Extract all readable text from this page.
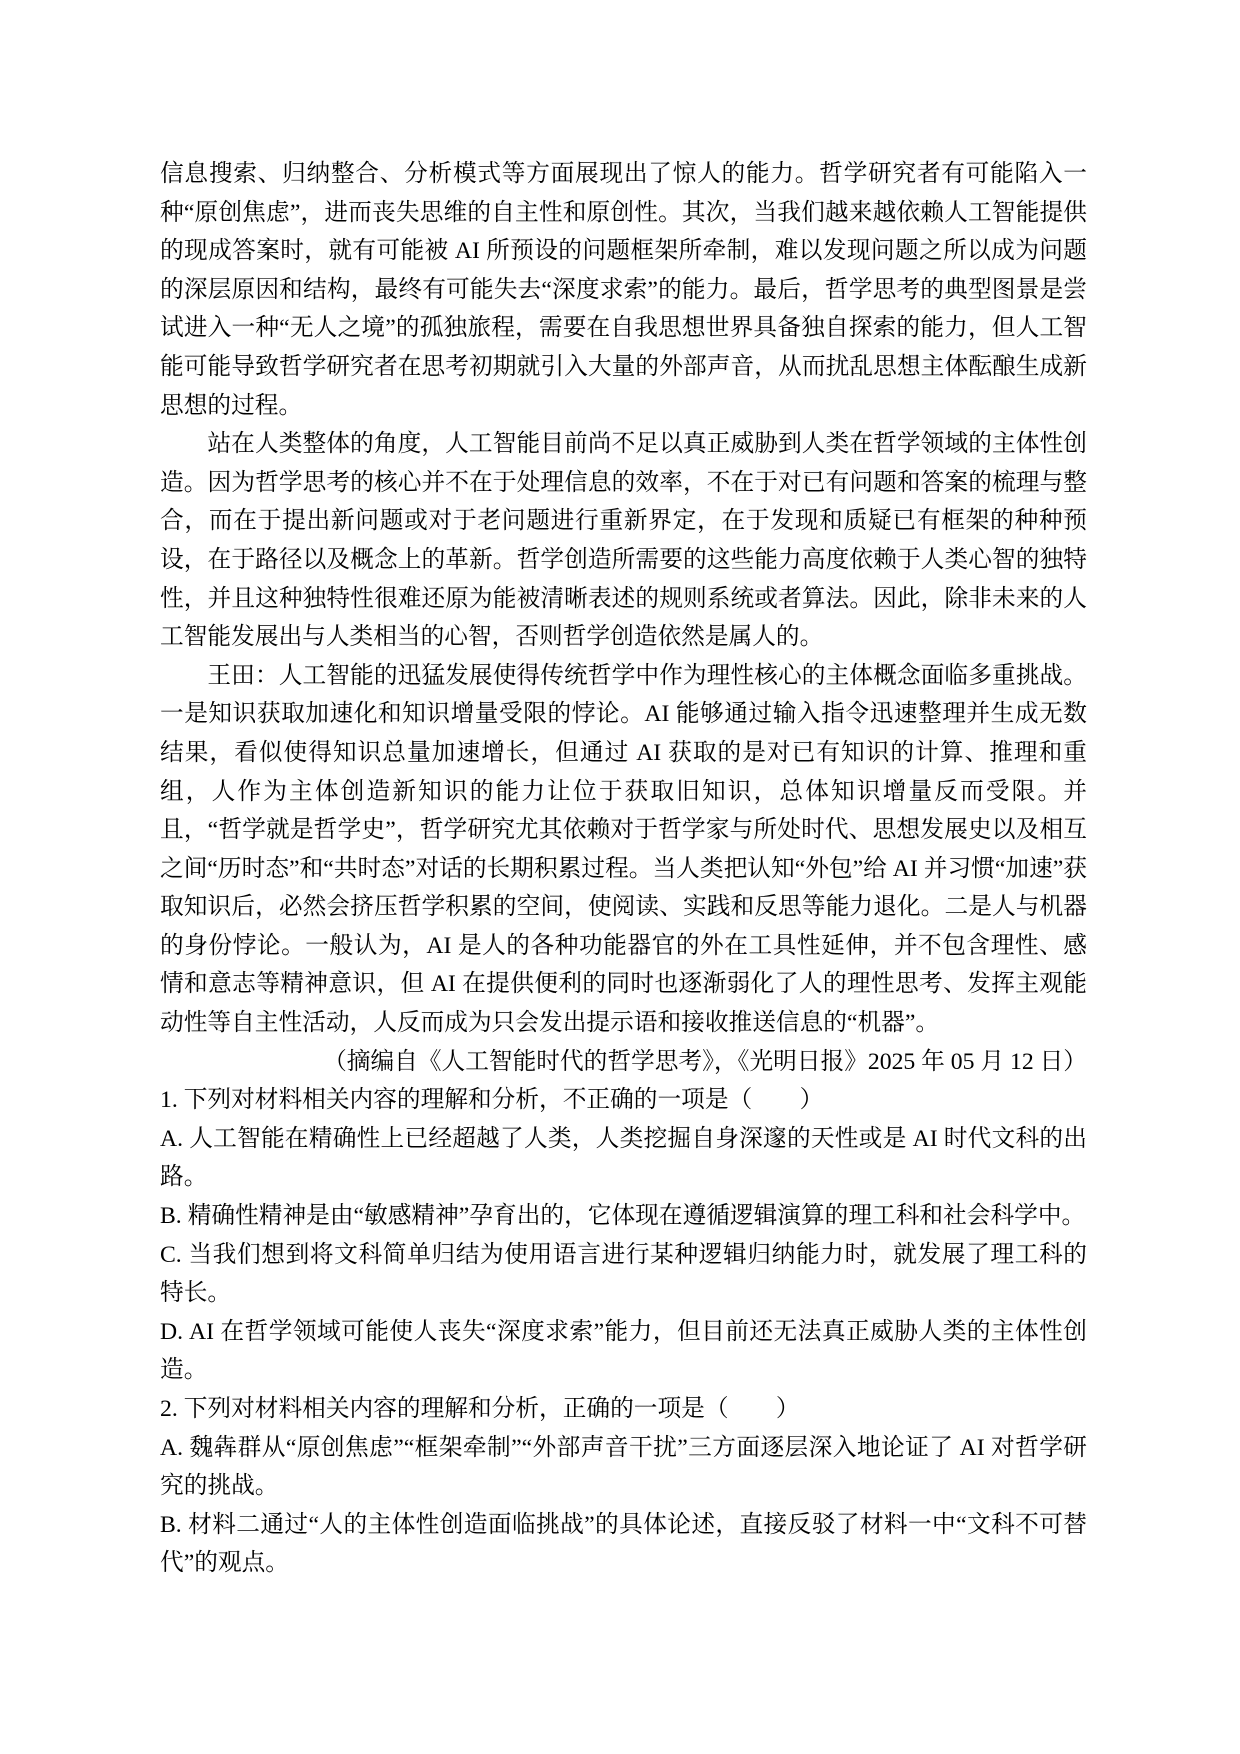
信息搜索、归纳整合、分析模式等方面展现出了惊人的能力。哲学研究者有可能陷入一种“原创焦虑”，进而丧失思维的自主性和原创性。其次，当我们越来越依赖人工智能提供的现成答案时，就有可能被 AI 所预设的问题框架所牵制，难以发现问题之所以成为问题的深层原因和结构，最终有可能失去“深度求索”的能力。最后，哲学思考的典型图景是尝试进入一种“无人之境”的孤独旅程，需要在自我思想世界具备独自探索的能力，但人工智能可能导致哲学研究者在思考初期就引入大量的外部声音，从而扰乱思想主体酝酿生成新思想的过程。

站在人类整体的角度，人工智能目前尚不足以真正威胁到人类在哲学领域的主体性创造。因为哲学思考的核心并不在于处理信息的效率，不在于对已有问题和答案的梳理与整合，而在于提出新问题或对于老问题进行重新界定，在于发现和质疑已有框架的种种预设，在于路径以及概念上的革新。哲学创造所需要的这些能力高度依赖于人类心智的独特性，并且这种独特性很难还原为能被清晰表述的规则系统或者算法。因此，除非未来的人工智能发展出与人类相当的心智，否则哲学创造依然是属人的。

王田：人工智能的迅猛发展使得传统哲学中作为理性核心的主体概念面临多重挑战。一是知识获取加速化和知识增量受限的悖论。AI 能够通过输入指令迅速整理并生成无数结果，看似使得知识总量加速增长，但通过 AI 获取的是对已有知识的计算、推理和重组，人作为主体创造新知识的能力让位于获取旧知识，总体知识增量反而受限。并且，“哲学就是哲学史”，哲学研究尤其依赖对于哲学家与所处时代、思想发展史以及相互之间“历时态”和“共时态”对话的长期积累过程。当人类把认知“外包”给 AI 并习惯“加速”获取知识后，必然会挤压哲学积累的空间，使阅读、实践和反思等能力退化。二是人与机器的身份悖论。一般认为，AI 是人的各种功能器官的外在工具性延伸，并不包含理性、感情和意志等精神意识，但 AI 在提供便利的同时也逐渐弱化了人的理性思考、发挥主观能动性等自主性活动，人反而成为只会发出提示语和接收推送信息的“机器”。

（摘编自《人工智能时代的哲学思考》，《光明日报》2025 年 05 月 12 日）

1. 下列对材料相关内容的理解和分析，不正确的一项是（　　）

A. 人工智能在精确性上已经超越了人类，人类挖掘自身深邃的天性或是 AI 时代文科的出路。

B. 精确性精神是由“敏感精神”孕育出的，它体现在遵循逻辑演算的理工科和社会科学中。

C. 当我们想到将文科简单归结为使用语言进行某种逻辑归纳能力时，就发展了理工科的特长。

D. AI 在哲学领域可能使人丧失“深度求索”能力，但目前还无法真正威胁人类的主体性创造。

2. 下列对材料相关内容的理解和分析，正确的一项是（　　）

A. 魏犇群从“原创焦虑”“框架牵制”“外部声音干扰”三方面逐层深入地论证了 AI 对哲学研究的挑战。

B. 材料二通过“人的主体性创造面临挑战”的具体论述，直接反驳了材料一中“文科不可替代”的观点。
